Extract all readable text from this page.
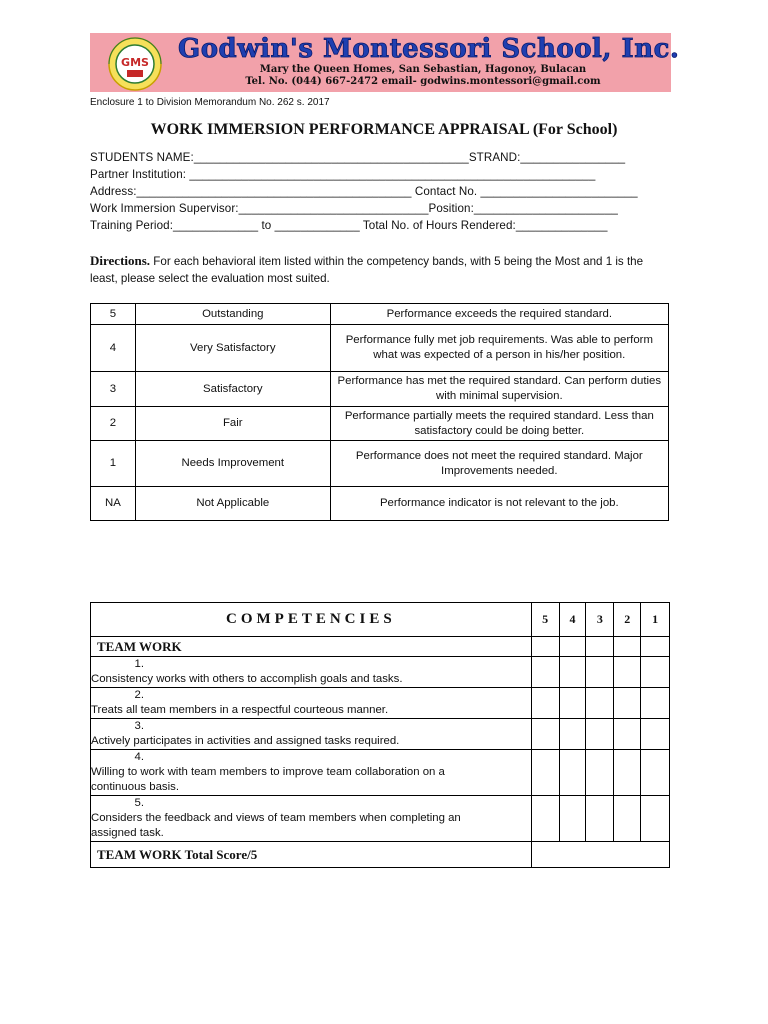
GMS Godwin's Montessori School, Inc.
Mary the Queen Homes, San Sebastian, Hagonoy, Bulacan
Tel. No. (044) 667-2472 email- godwins.montessori@gmail.com
Enclosure 1 to Division Memorandum No. 262 s. 2017
WORK IMMERSION PERFORMANCE APPRAISAL (For School)
STUDENTS NAME:__________________________________________STRAND:________________
Partner Institution: ______________________________________________________________
Address:__________________________________________ Contact No. ________________________
Work Immersion Supervisor:_____________________________Position:______________________
Training Period:_____________ to _____________ Total No. of Hours Rendered:______________
Directions. For each behavioral item listed within the competency bands, with 5 being the Most and 1 is the least, please select the evaluation most suited.
5	Outstanding	Performance exceeds the required standard.
4	Very Satisfactory	Performance fully met job requirements. Was able to perform what was expected of a person in his/her position.
3	Satisfactory	Performance has met the required standard. Can perform duties with minimal supervision.
2	Fair	Performance partially meets the required standard. Less than satisfactory could be doing better.
1	Needs Improvement	Performance does not meet the required standard. Major Improvements needed.
NA	Not Applicable	Performance indicator is not relevant to the job.
COMPETENCIES	5	4	3	2	1
TEAM WORK					
1.  Consistency works with others to accomplish goals and tasks.					
2.  Treats all team members in a respectful courteous manner.					
3.  Actively participates in activities and assigned tasks required.					
4.  Willing to work with team members to improve team collaboration on a continuous basis.					
5.  Considers the feedback and views of team members when completing an assigned task.					
TEAM WORK Total Score/5					
